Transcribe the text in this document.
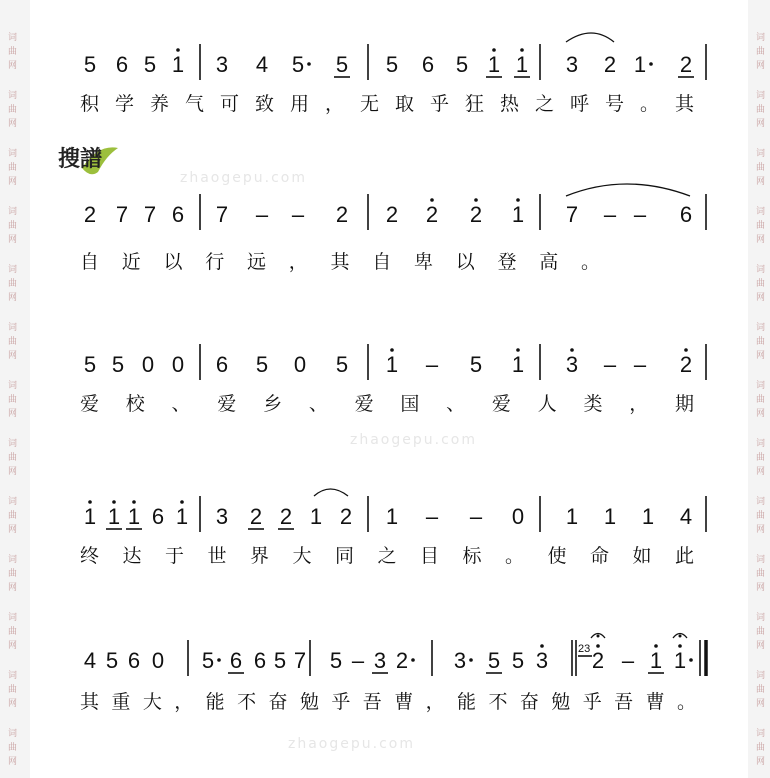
词
曲
网
词
曲
网
词
曲
网
词
曲
网
词
曲
网
词
曲
网
词
曲
网
词
曲
网
词
曲
网
词
曲
网
词
曲
网
词
曲
网
词
曲
网
词
曲
网
词
曲
网
词
曲
网
词
曲
网
词
曲
网
词
曲
网
词
曲
网
词
曲
网
词
曲
网
词
曲
网
词
曲
网
词
曲
网
词
曲
网
zhaogepu.com
zhaogepu.com
zhaogepu.com
搜譜
5 6 5 1 3 4 5 5 5 6 5 1 1 3 2 1 2
积学养气可致用，无取乎狂热之呼号。其
2 7 7 6 7 – – 2 2 2 2 1 7 – – 6
自近以行远，其自卑以登高。
5 5 0 0 6 5 0 5 1 – 5 1 3 – – 2
爱校、爱乡、爱国、爱人类，期
1 1 1 6 1 3 2 2 1 2 1 – – 0 1 1 1 4
终达于世界大同之目标。使命如此
4 5 6 0 5 6 6 5 7 5 – 3 2 3 5 5 3 2 – 1 1
23
其重大，能不奋勉乎吾曹，能不奋勉乎吾曹。
